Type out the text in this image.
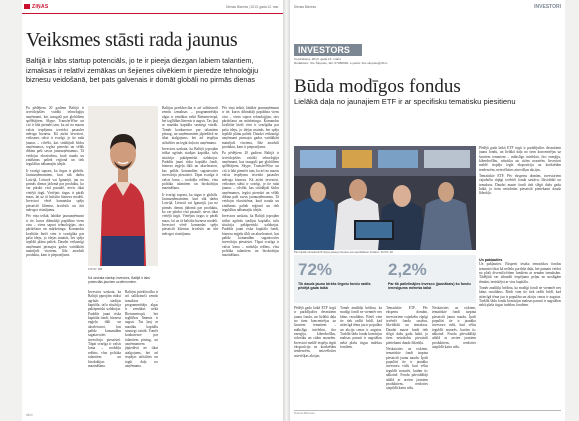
ZIŅAS	Dienas Bizness | 2013. gada 12. mar.
Veiksmes stāsti rada jaunus
Baltijā ir labs startup potenciāls, jo te ir pieeja diezgan labiem talantiem, izmaksas ir relatīvi zemākas un šejienes cilvēkiem ir pieredze tehnoloģiju biznesu veidošanā, bet pats galvenais ir domāt globāli no pirmās dienas

Pa pēdējiem 20 gadiem Baltijā ir izveidojušies vairāki tehnoloģiju uzņēmumi, kas izauguši par globāliem spēlētājiem. Skype, TransferWise un citi ir labi piemēri tam, ka arī no mazas valsts iespējams izveidot pasaules mēroga biznesu. Kā atzīst investori, veiksmes stāsti ir svarīgi, jo tie rada jaunus – cilvēki, kas strādājuši šādos uzņēmumos, iegūst pieredzi un vēlāk dibina paši savus jaunuzņēmumus. Tā veidojas ekosistēma, kurā nauda un zināšanas paliek reģionā un tiek ieguldītas nākamajās idejās.

Ir svarīgi saprast, ka tirgus ir globāls. Jaunuzņēmumiem, kuri sāk darbu Latvijā, Lietuvā vai Igaunijā, jau no pirmās dienas jādomā par produktu, ko var pārdot visā pasaulē, nevis tikai vietējā tirgū. Vietējais tirgus ir pārāk mazs, lai uz tā balstītu biznesa modeli. Investori vērtē komandas spēju piesaistīt klientus ārvalstīs un ātri mērogot risinājumu.

Pēc viņa teiktā, labākie jaunuzņēmumi ir tie, kuros dibinātāji papildina viens otru – viens saprot tehnoloģijas, otrs pārdošanu un mārketingu. Komandas kvalitāte bieži vien ir svarīgāka par pašu ideju, jo idejas mainās, bet spēja izpildīt plānu paliek. Daudzi veiksmīgi uzņēmumi pirmajos gados vairākkārt mainījuši virzienu, līdz atraduši produktu, kam ir pieprasījums.

FOTO: DB
Kā uzskata startup investors, Baltijā ir labs potenciāls jauniem uzņēmumiem.

Investors uzskata, ka Baltijā joprojām trūkst agrīnās stadijas kapitāla, taču situācija pakāpeniski uzlabojas. Parādās jauni riska kapitāla fondi, biznesa eņģeļu tīkli un akseleratori, kas palīdz komandām sagatavoties investīciju piesaistei. Tāpat svarīga ir valsts loma – nodokļu režīms, vīzu politika talantiem un birokrātijas mazināšana.

Baltijas priekšrocība ir arī salīdzinoši zemās izmaksas – programmētāju algas ir zemākas nekā Rietumeiropā, bet izglītības līmenis ir augsts. Tas ļauj ar mazāku kapitālu sasniegt vairāk. Tomēr konkurence par talantiem pieaug, un uzņēmumiem jāpiedāvā ne tikai atalgojums, bet arī iespējas attīstīties un iegūt daļu no uzņēmuma.

Baltijas priekšrocība ir arī salīdzinoši zemās izmaksas – programmētāju algas ir zemākas nekā Rietumeiropā, bet izglītības līmenis ir augsts. Tas ļauj ar mazāku kapitālu sasniegt vairāk. Tomēr konkurence par talantiem pieaug, un uzņēmumiem jāpiedāvā ne tikai atalgojums, bet arī iespējas attīstīties un iegūt daļu no uzņēmuma.

Investors uzskata, ka Baltijā joprojām trūkst agrīnās stadijas kapitāla, taču situācija pakāpeniski uzlabojas. Parādās jauni riska kapitāla fondi, biznesa eņģeļu tīkli un akseleratori, kas palīdz komandām sagatavoties investīciju piesaistei. Tāpat svarīga ir valsts loma – nodokļu režīms, vīzu politika talantiem un birokrātijas mazināšana.

Ir svarīgi saprast, ka tirgus ir globāls. Jaunuzņēmumiem, kuri sāk darbu Latvijā, Lietuvā vai Igaunijā, jau no pirmās dienas jādomā par produktu, ko var pārdot visā pasaulē, nevis tikai vietējā tirgū. Vietējais tirgus ir pārāk mazs, lai uz tā balstītu biznesa modeli. Investori vērtē komandas spēju piesaistīt klientus ārvalstīs un ātri mērogot risinājumu.

Pēc viņa teiktā, labākie jaunuzņēmumi ir tie, kuros dibinātāji papildina viens otru – viens saprot tehnoloģijas, otrs pārdošanu un mārketingu. Komandas kvalitāte bieži vien ir svarīgāka par pašu ideju, jo idejas mainās, bet spēja izpildīt plānu paliek. Daudzi veiksmīgi uzņēmumi pirmajos gados vairākkārt mainījuši virzienu, līdz atraduši produktu, kam ir pieprasījums.

Pa pēdējiem 20 gadiem Baltijā ir izveidojušies vairāki tehnoloģiju uzņēmumi, kas izauguši par globāliem spēlētājiem. Skype, TransferWise un citi ir labi piemēri tam, ka arī no mazas valsts iespējams izveidot pasaules mēroga biznesu. Kā atzīst investori, veiksmes stāsti ir svarīgi, jo tie rada jaunus – cilvēki, kas strādājuši šādos uzņēmumos, iegūst pieredzi un vēlāk dibina paši savus jaunuzņēmumus. Tā veidojas ekosistēma, kurā nauda un zināšanas paliek reģionā un tiek ieguldītas nākamajās idejās.

Investors uzskata, ka Baltijā joprojām trūkst agrīnās stadijas kapitāla, taču situācija pakāpeniski uzlabojas. Parādās jauni riska kapitāla fondi, biznesa eņģeļu tīkli un akseleratori, kas palīdz komandām sagatavoties investīciju piesaistei. Tāpat svarīga ir valsts loma – nodokļu režīms, vīzu politika talantiem un birokrātijas mazināšana.

db.lv
Dienas Bizness	INVESTORI
INVESTORS
Ceturtdiena, 2013. gada 14. marts
Redaktore: Ilze Šķupele, tālr. 67088900, e-pasts: ilze.skupele@db.lv
Būda modīgos fondus
Lielākā daļa no jaunajiem ETF ir ar specifisku tematisku piesitienu
Pēc bijušā mēneša ETF tirgos pieaug interese par specifiskiem fondiem. FOTO: AP
72%
Tik daudz jaunu biržās tirgotu fondu radīts pēdējā gada laikā
2,2%
Par tik palielinājies Invesco (jaunākais) šo fondu ienesīgums mēneša laikā

Pēdējā gada laikā ETF tirgū ir parādījušies desmitiem jaunu fondu, un lielākā daļa no tiem koncentrējas uz šauriem tematiem – mākslīgo intelektu, tīro enerģiju, kiberdrošību, robotiku un citām nozarēm. Investori meklē iespēju iegūt ekspozīciju uz konkrētām tendencēm, neizvēloties atsevišķas akcijas.

Tomēr analītiķi brīdina, ka modīgi fondi ne vienmēr nes labus rezultātus. Bieži vien tie tiek radīti brīdī, kad attiecīgā tēma jau ir populāra un akciju cenas ir augstas. Turklāt šādu fondu komisijas maksas parasti ir augstākas nekā plaša tirgus indeksu fondiem.

Tematiskie ETF. Pēc ekspertu domām, investoriem vajadzētu rūpīgi izvērtēt fonda sastāvu, likviditāti un izmaksas. Daudzi mazie fondi tiek slēgti dažu gadu laikā, jo tiem neizdodas piesaistīt pietiekami daudz līdzekļu.

Neskatoties uz riskiem, tematiskie fondi turpina piesaistīt jaunu naudu. Īpaši populāri tie ir jaunāko investoru vidū, kuri vēlas ieguldīt nozarēs, kurām tic nākotnē. Fondu pārvaldītāji atbild ar arvien jauniem produktiem, cenšoties aizpildīt katru nišu.

Neskatoties uz riskiem, tematiskie fondi turpina piesaistīt jaunu naudu. Īpaši populāri tie ir jaunāko investoru vidū, kuri vēlas ieguldīt nozarēs, kurām tic nākotnē. Fondu pārvaldītāji atbild ar arvien jauniem produktiem, cenšoties aizpildīt katru nišu.

Pēdējā gada laikā ETF tirgū ir parādījušies desmitiem jaunu fondu, un lielākā daļa no tiem koncentrējas uz šauriem tematiem – mākslīgo intelektu, tīro enerģiju, kiberdrošību, robotiku un citām nozarēm. Investori meklē iespēju iegūt ekspozīciju uz konkrētām tendencēm, neizvēloties atsevišķas akcijas.

Tematiskie ETF. Pēc ekspertu domām, investoriem vajadzētu rūpīgi izvērtēt fonda sastāvu, likviditāti un izmaksas. Daudzi mazie fondi tiek slēgti dažu gadu laikā, jo tiem neizdodas piesaistīt pietiekami daudz līdzekļu.

Un pakļauties

Un pakļauties. Eksperti iesaka tematiskos fondus izmantot tikai kā nelielu portfeļa daļu, bet pamatu veidot no plaši diversificētiem fondiem ar zemām izmaksām. Tādējādi var izbaudīt iespējamo peļņu no modīgām tēmām, neriskējot ar visu kapitālu.

Tomēr analītiķi brīdina, ka modīgi fondi ne vienmēr nes labus rezultātus. Bieži vien tie tiek radīti brīdī, kad attiecīgā tēma jau ir populāra un akciju cenas ir augstas. Turklāt šādu fondu komisijas maksas parasti ir augstākas nekā plaša tirgus indeksu fondiem.

Dienas Bizness
